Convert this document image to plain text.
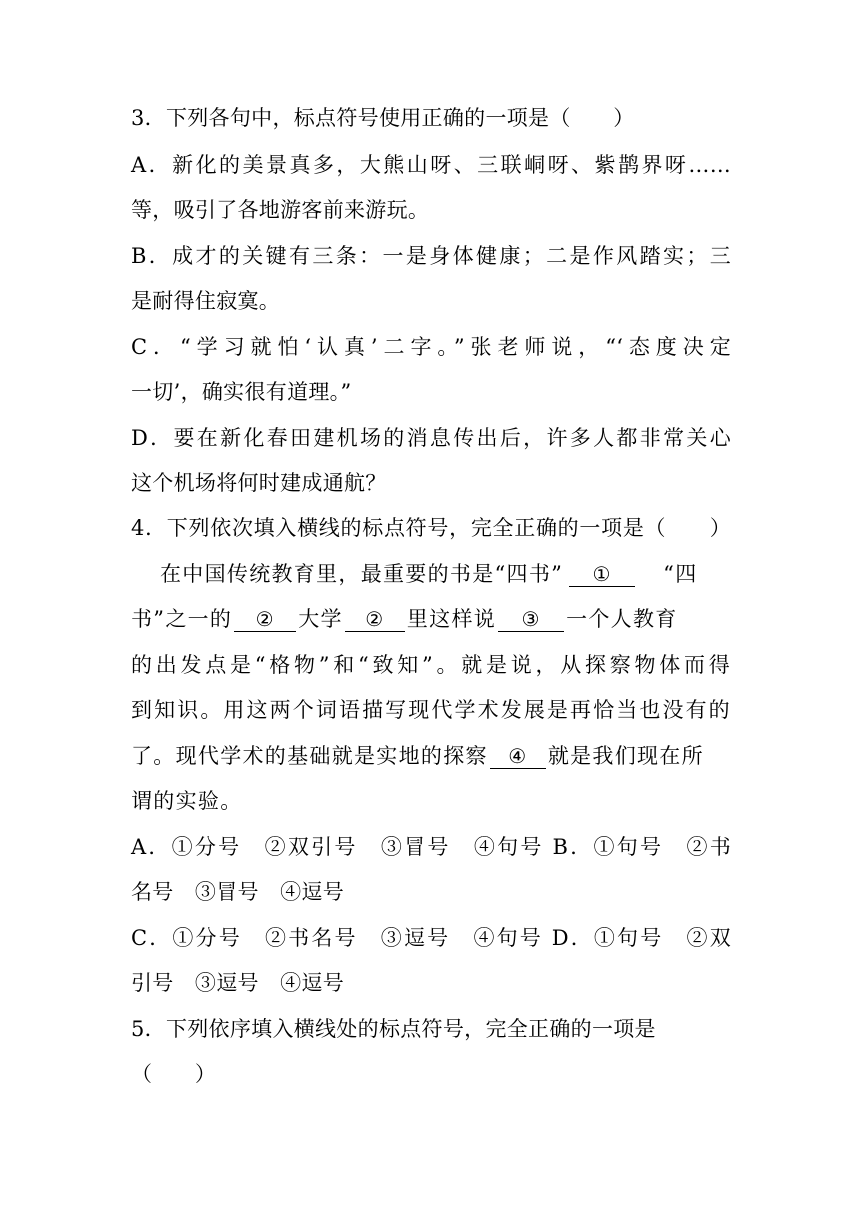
3．下列各句中，标点符号使用正确的一项是（　　）
A．新化的美景真多，大熊山呀、三联峒呀、紫鹊界呀……
等，吸引了各地游客前来游玩。
B．成才的关键有三条：一是身体健康；二是作风踏实；三
是耐得住寂寞。
C．“学习就怕‘认真’二字。”张老师说，“‘态度决定
一切’，确实很有道理。”
D．要在新化春田建机场的消息传出后，许多人都非常关心
这个机场将何时建成通航？
4．下列依次填入横线的标点符号，完全正确的一项是（　　）
在中国传统教育里，最重要的书是“四书” ① “四
书”之一的 ② 大学 ② 里这样说 ③ 一个人教育
的出发点是“格物”和“致知”。就是说，从探察物体而得
到知识。用这两个词语描写现代学术发展是再恰当也没有的
了。现代学术的基础就是实地的探察 ④ 就是我们现在所
谓的实验。
A．①分号　②双引号　③冒号　④句号 B．①句号　②书
名号　③冒号　④逗号
C．①分号　②书名号　③逗号　④句号 D．①句号　②双
引号　③逗号　④逗号
5．下列依序填入横线处的标点符号，完全正确的一项是
（　　）
